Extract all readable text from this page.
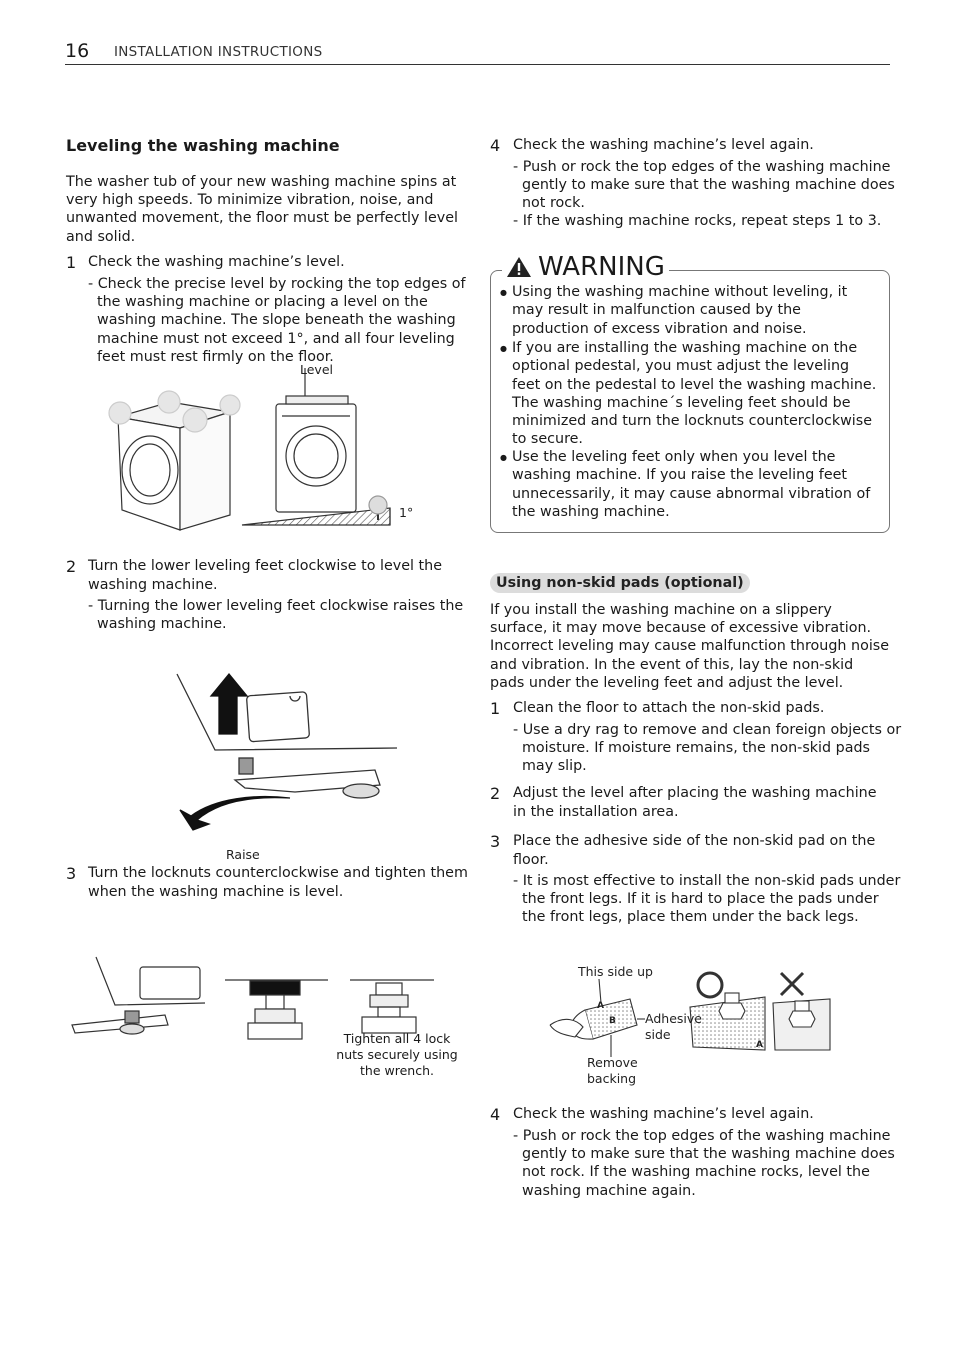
16 INSTALLATION INSTRUCTIONS
Leveling the washing machine
The washer tub of your new washing machine spins at very high speeds. To minimize vibration, noise, and unwanted movement, the floor must be perfectly level and solid.
1 Check the washing machine’s level.
- Check the precise level by rocking the top edges of the washing machine or placing a level on the washing machine. The slope beneath the washing machine must not exceed 1°, and all four leveling feet must rest firmly on the floor.
Level
1°
2 Turn the lower leveling feet clockwise to level the washing machine.
- Turning the lower leveling feet clockwise raises the washing machine.
Raise
3 Turn the locknuts counterclockwise and tighten them when the washing machine is level.
Tighten all 4 lock nuts securely using the wrench.
4 Check the washing machine’s level again.
- Push or rock the top edges of the washing machine gently to make sure that the washing machine does not rock.
- If the washing machine rocks, repeat steps 1 to 3.
WARNING
● Using the washing machine without leveling, it may result in malfunction caused by the production of excess vibration and noise.
● If you are installing the washing machine on the optional pedestal, you must adjust the leveling feet on the pedestal to level the washing machine. The washing machine´s leveling feet should be minimized and turn the locknuts counterclockwise to secure.
● Use the leveling feet only when you level the washing machine. If you raise the leveling feet unnecessarily, it may cause abnormal vibration of the washing machine.
Using non-skid pads (optional)
If you install the washing machine on a slippery surface, it may move because of excessive vibration. Incorrect leveling may cause malfunction through noise and vibration. In the event of this, lay the non-skid pads under the leveling feet and adjust the level.
1 Clean the floor to attach the non-skid pads.
- Use a dry rag to remove and clean foreign objects or moisture. If moisture remains, the non-skid pads may slip.
2 Adjust the level after placing the washing machine in the installation area.
3 Place the adhesive side of the non-skid pad on the floor.
- It is most effective to install the non-skid pads under the front legs. If it is hard to place the pads under the front legs, place them under the back legs.
This side up
A
B Adhesive side
Remove backing
A
4 Check the washing machine’s level again.
- Push or rock the top edges of the washing machine gently to make sure that the washing machine does not rock. If the washing machine rocks, level the washing machine again.
